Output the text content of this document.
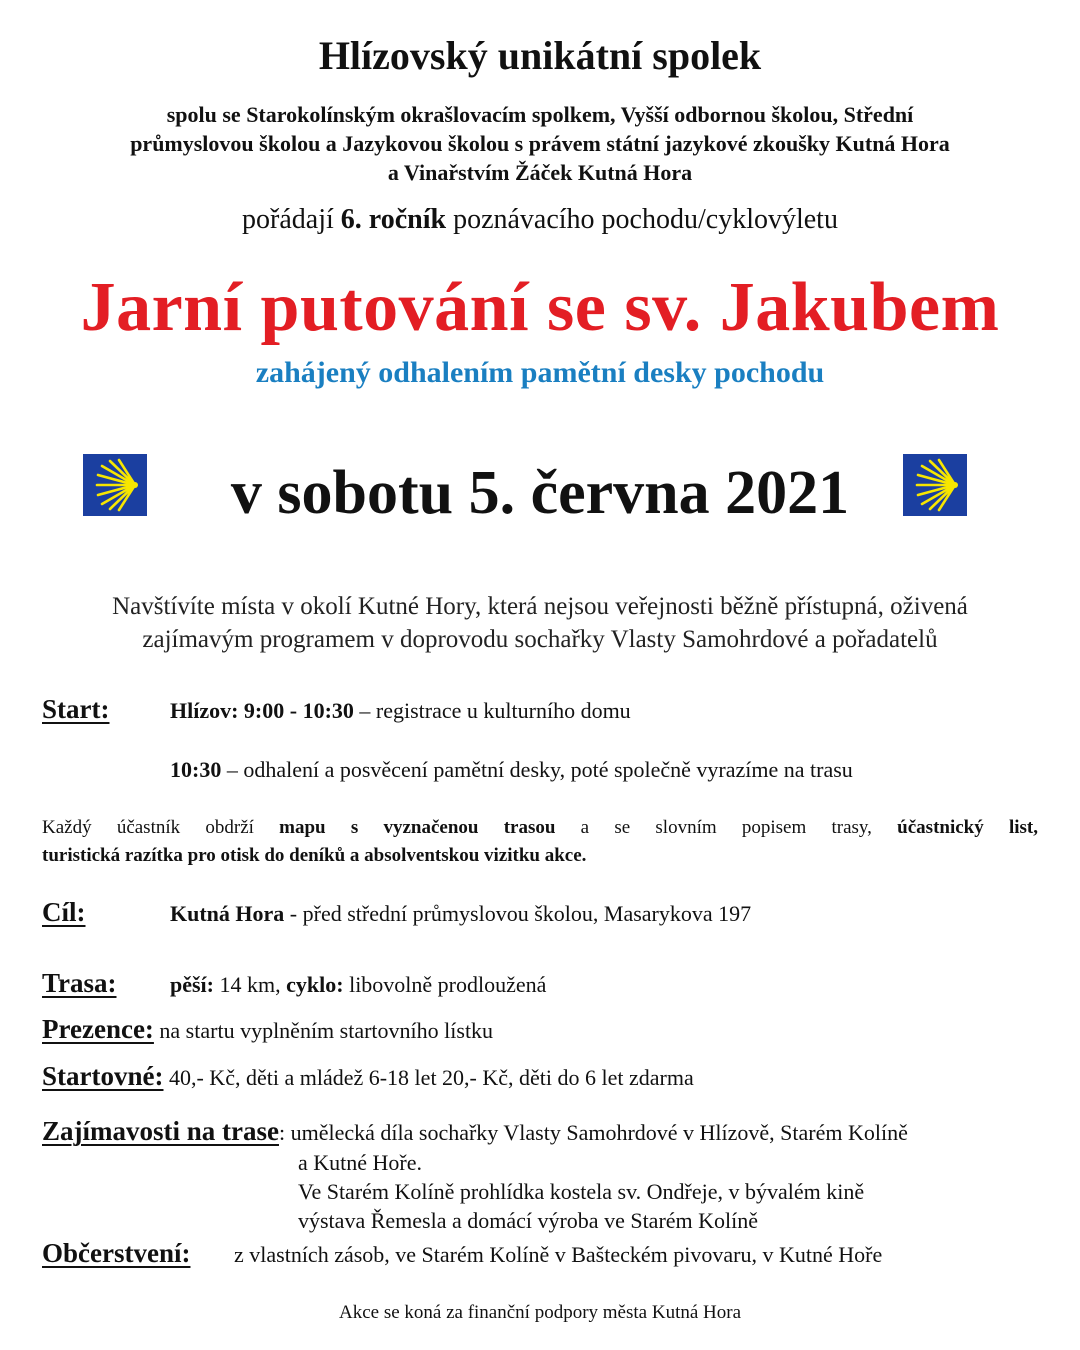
Hlízovský unikátní spolek
spolu se Starokolínským okrašlovacím spolkem, Vyšší odbornou školou, Střední
průmyslovou školou a Jazykovou školou s právem státní jazykové zkoušky Kutná Hora
a Vinařstvím Žáček Kutná Hora
pořádají 6. ročník poznávacího pochodu/cyklovýletu
Jarní putování se sv. Jakubem
zahájený odhalením pamětní desky pochodu
v sobotu 5. června 2021
Navštívíte místa v okolí Kutné Hory, která nejsou veřejnosti běžně přístupná, oživená
zajímavým programem v doprovodu sochařky Vlasty Samohrdové a pořadatelů
Start:	Hlízov: 9:00 - 10:30 – registrace u kulturního domu
10:30 – odhalení a posvěcení pamětní desky, poté společně vyrazíme na trasu
Každý účastník obdrží mapu s vyznačenou trasou a se slovním popisem trasy, účastnický list,
turistická razítka pro otisk do deníků a absolventskou vizitku akce.
Cíl:	Kutná Hora - před střední průmyslovou školou, Masarykova 197
Trasa: pěší: 14 km, cyklo: libovolně prodloužená
Prezence: na startu vyplněním startovního lístku
Startovné: 40,- Kč, děti a mládež 6-18 let 20,- Kč, děti do 6 let zdarma
Zajímavosti na trase: umělecká díla sochařky Vlasty Samohrdové v Hlízově, Starém Kolíně
a Kutné Hoře.
Ve Starém Kolíně prohlídka kostela sv. Ondřeje, v bývalém kině
výstava Řemesla a domácí výroba ve Starém Kolíně
Občerstvení: z vlastních zásob, ve Starém Kolíně v Bašteckém pivovaru, v Kutné Hoře
Akce se koná za finanční podpory města Kutná Hora
